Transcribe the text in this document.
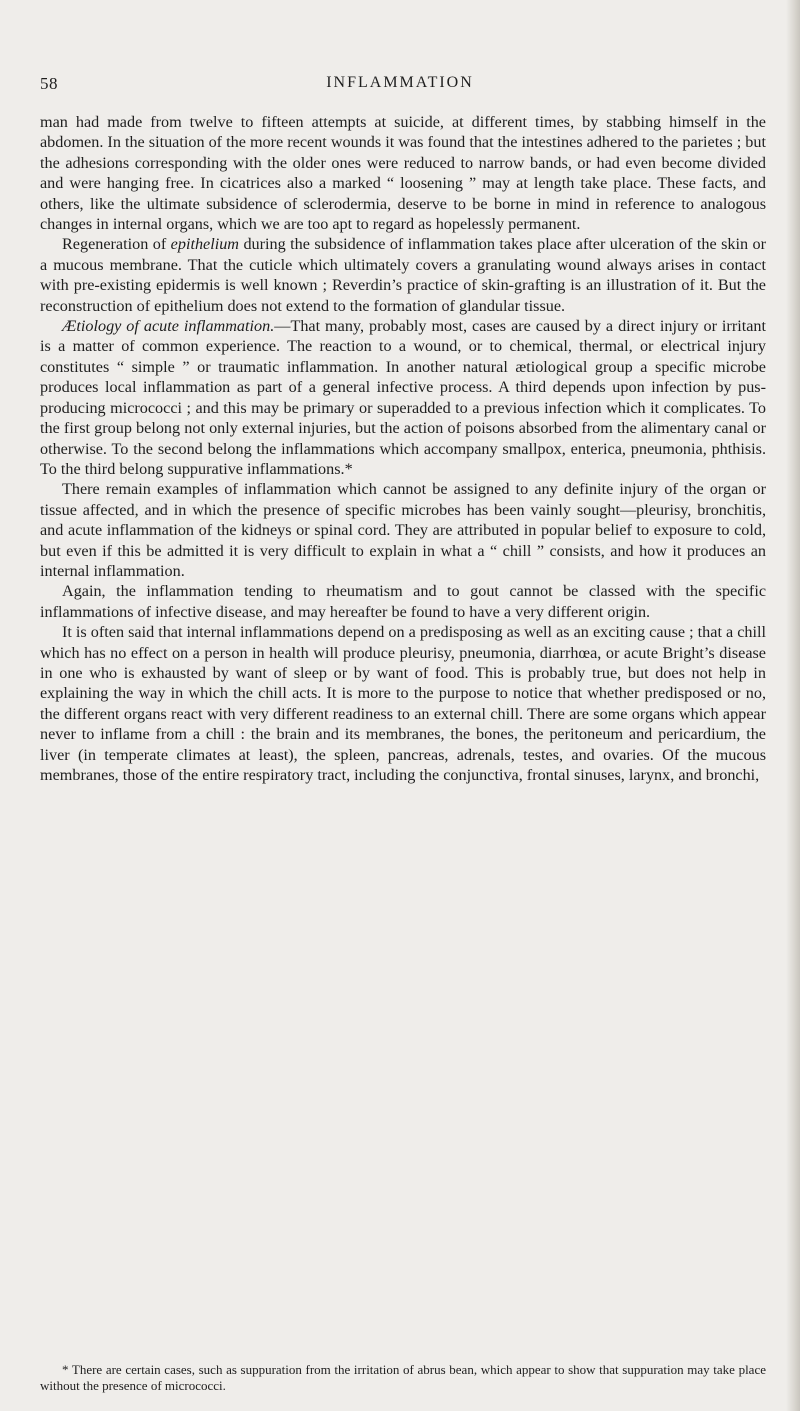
58	INFLAMMATION

man had made from twelve to fifteen attempts at suicide, at different times, by stabbing himself in the abdomen. In the situation of the more recent wounds it was found that the intestines adhered to the parietes ; but the adhesions corresponding with the older ones were reduced to narrow bands, or had even become divided and were hanging free. In cicatrices also a marked “ loosening ” may at length take place. These facts, and others, like the ultimate subsidence of sclerodermia, deserve to be borne in mind in reference to analogous changes in internal organs, which we are too apt to regard as hopelessly permanent.

Regeneration of epithelium during the subsidence of inflammation takes place after ulceration of the skin or a mucous membrane. That the cuticle which ultimately covers a granulating wound always arises in contact with pre-existing epidermis is well known ; Reverdin’s practice of skin-grafting is an illustration of it. But the reconstruction of epithelium does not extend to the formation of glandular tissue.

Ætiology of acute inflammation.—That many, probably most, cases are caused by a direct injury or irritant is a matter of common experience. The reaction to a wound, or to chemical, thermal, or electrical injury constitutes “ simple ” or traumatic inflammation. In another natural ætiological group a specific microbe produces local inflammation as part of a general infective process. A third depends upon infection by pus-producing micrococci ; and this may be primary or superadded to a previous infection which it complicates. To the first group belong not only external injuries, but the action of poisons absorbed from the alimentary canal or otherwise. To the second belong the inflammations which accompany smallpox, enterica, pneumonia, phthisis. To the third belong suppurative inflammations.*

There remain examples of inflammation which cannot be assigned to any definite injury of the organ or tissue affected, and in which the presence of specific microbes has been vainly sought—pleurisy, bronchitis, and acute inflammation of the kidneys or spinal cord. They are attributed in popular belief to exposure to cold, but even if this be admitted it is very difficult to explain in what a “ chill ” consists, and how it produces an internal inflammation.

Again, the inflammation tending to rheumatism and to gout cannot be classed with the specific inflammations of infective disease, and may hereafter be found to have a very different origin.

It is often said that internal inflammations depend on a predisposing as well as an exciting cause ; that a chill which has no effect on a person in health will produce pleurisy, pneumonia, diarrhœa, or acute Bright’s disease in one who is exhausted by want of sleep or by want of food. This is probably true, but does not help in explaining the way in which the chill acts. It is more to the purpose to notice that whether predisposed or no, the different organs react with very different readiness to an external chill. There are some organs which appear never to inflame from a chill : the brain and its membranes, the bones, the peritoneum and pericardium, the liver (in temperate climates at least), the spleen, pancreas, adrenals, testes, and ovaries. Of the mucous membranes, those of the entire respiratory tract, including the conjunctiva, frontal sinuses, larynx, and bronchi,

* There are certain cases, such as suppuration from the irritation of abrus bean, which appear to show that suppuration may take place without the presence of micrococci.
